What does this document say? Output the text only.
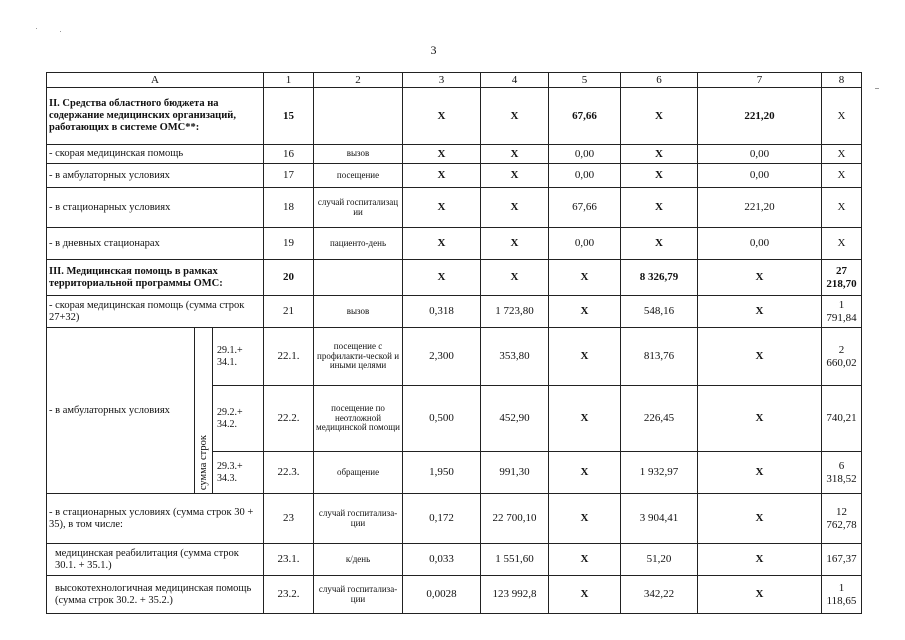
3
A			1	2	3	4	5	6	7	8	
II. Средства областного бюджета на содержание медицинских организаций, работающих в системе ОМС**:			15		X	X	67,66	X	221,20	X	
- скорая медицинская помощь			16	вызов	X	X	0,00	X	0,00	X	
- в амбулаторных условиях			17	посещение	X	X	0,00	X	0,00	X	
- в стационарных условиях			18	случай госпитализац ии	X	X	67,66	X	221,20	X	
- в дневных стационарах			19	пациенто-день	X	X	0,00	X	0,00	X	
III. Медицинская помощь в рамках территориальной программы ОМС:			20		X	X	X	8 326,79	X	27 218,70	
- скорая медицинская помощь (сумма строк 27+32)			21	вызов	0,318	1 723,80	X	548,16	X	1 791,84	
- в амбулаторных условиях	сумма строк	29.1.+ 34.1.	22.1.	посещение с профилакти-ческой и иными целями	2,300	353,80	X	813,76	X	2 660,02	
		29.2.+ 34.2.	22.2.	посещение по неотложной медицинской помощи	0,500	452,90	X	226,45	X	740,21	
		29.3.+ 34.3.	22.3.	обращение	1,950	991,30	X	1 932,97	X	6 318,52	
- в стационарных условиях (сумма строк 30 + 35), в том числе:			23	случай госпитализа-ции	0,172	22 700,10	X	3 904,41	X	12 762,78	
медицинская реабилитация (сумма строк 30.1. + 35.1.)			23.1.	к/день	0,033	1 551,60	X	51,20	X	167,37	
высокотехнологичная медицинская помощь (сумма строк 30.2. + 35.2.)			23.2.	случай госпитализа-ции	0,0028	123 992,8	X	342,22	X	1 118,65	
